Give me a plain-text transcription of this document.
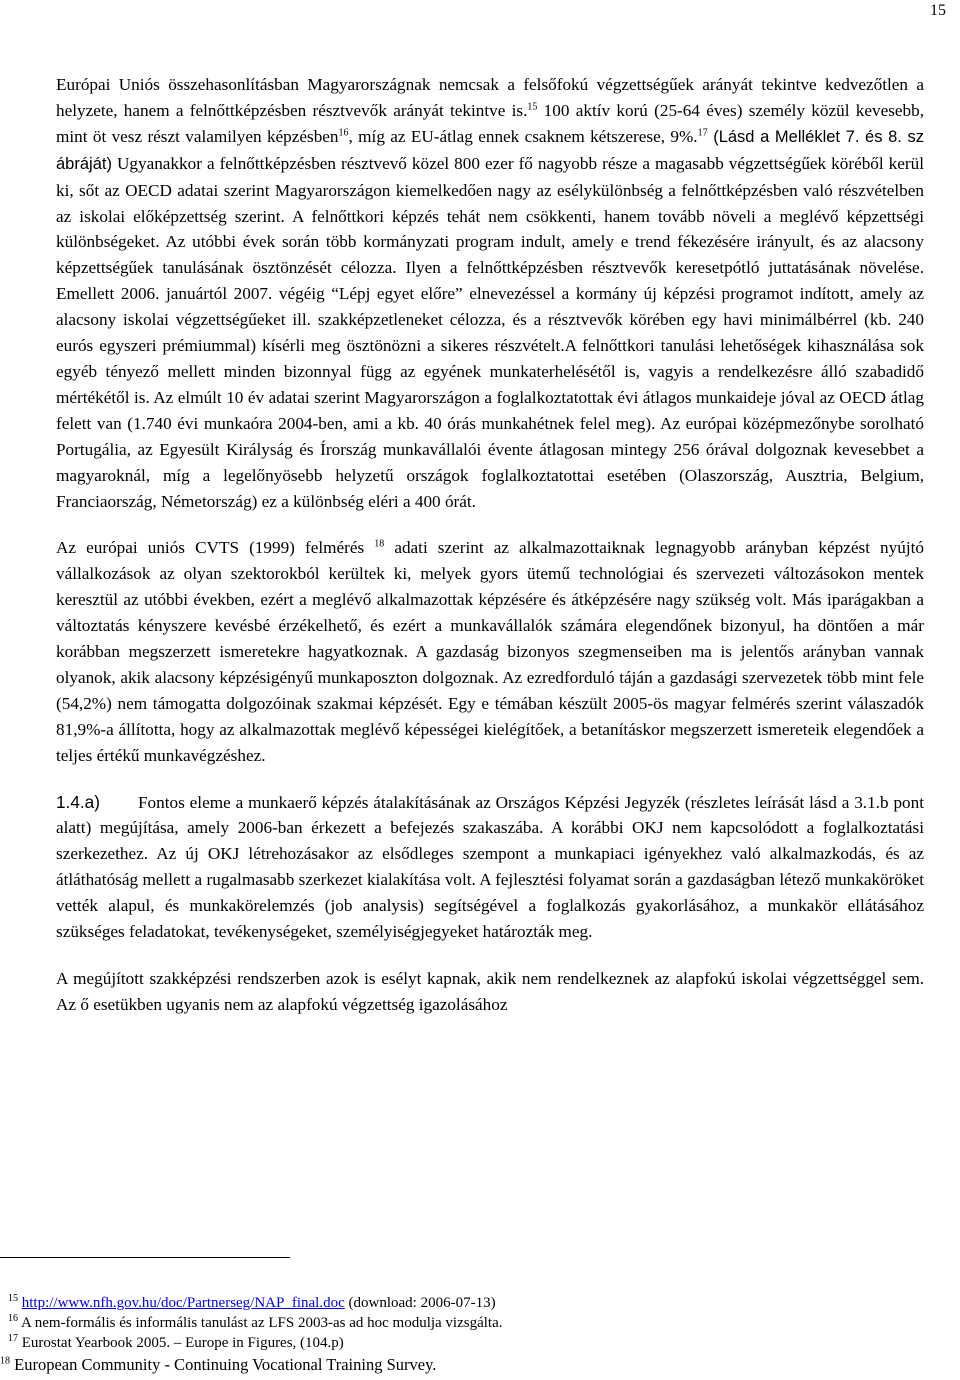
15

Európai Uniós összehasonlításban Magyarországnak nemcsak a felsőfokú végzettségűek arányát tekintve kedvezőtlen a helyzete, hanem a felnőttképzésben résztvevők arányát tekintve is.$^{15}$ 100 aktív korú (25-64 éves) személy közül kevesebb, mint öt vesz részt valamilyen képzésben$^{16}$, míg az EU-átlag ennek csaknem kétszerese, 9%.$^{17}$ (Lásd a Melléklet 7. és 8. sz ábráját) Ugyanakkor a felnőttképzésben résztvevő közel 800 ezer fő nagyobb része a magasabb végzettségűek köréből kerül ki, sőt az OECD adatai szerint Magyarországon kiemelkedően nagy az esélykülönbség a felnőttképzésben való részvételben az iskolai előképzettség szerint. A felnőttkori képzés tehát nem csökkenti, hanem tovább növeli a meglévő képzettségi különbségeket. Az utóbbi évek során több kormányzati program indult, amely e trend fékezésére irányult, és az alacsony képzettségűek tanulásának ösztönzését célozza. Ilyen a felnőttképzésben résztvevők keresetpótló juttatásának növelése. Emellett 2006. januártól 2007. végéig “Lépj egyet előre” elnevezéssel a kormány új képzési programot indított, amely az alacsony iskolai végzettségűeket ill. szakképzetleneket célozza, és a résztvevők körében egy havi minimálbérrel (kb. 240 eurós egyszeri prémiummal) kísérli meg ösztönözni a sikeres részvételt.A felnőttkori tanulási lehetőségek kihasználása sok egyéb tényező mellett minden bizonnyal függ az egyének munkaterhelésétől is, vagyis a rendelkezésre álló szabadidő mértékétől is. Az elmúlt 10 év adatai szerint Magyarországon a foglalkoztatottak évi átlagos munkaideje jóval az OECD átlag felett van (1.740 évi munkaóra 2004-ben, ami a kb. 40 órás munkahétnek felel meg). Az európai középmezőnybe sorolható Portugália, az Egyesült Királyság és Írország munkavállalói évente átlagosan mintegy 256 órával dolgoznak kevesebbet a magyaroknál, míg a legelőnyösebb helyzetű országok foglalkoztatottai esetében (Olaszország, Ausztria, Belgium, Franciaország, Németország) ez a különbség eléri a 400 órát.

Az európai uniós CVTS (1999) felmérés $^{18}$ adati szerint az alkalmazottaiknak legnagyobb arányban képzést nyújtó vállalkozások az olyan szektorokból kerültek ki, melyek gyors ütemű technológiai és szervezeti változásokon mentek keresztül az utóbbi években, ezért a meglévő alkalmazottak képzésére és átképzésére nagy szükség volt. Más iparágakban a változtatás kényszere kevésbé érzékelhető, és ezért a munkavállalók számára elegendőnek bizonyul, ha döntően a már korábban megszerzett ismeretekre hagyatkoznak. A gazdaság bizonyos szegmenseiben ma is jelentős arányban vannak olyanok, akik alacsony képzésigényű munkaposzton dolgoznak. Az ezredforduló táján a gazdasági szervezetek több mint fele (54,2%) nem támogatta dolgozóinak szakmai képzését. Egy e témában készült 2005-ös magyar felmérés szerint válaszadók 81,9%-a állította, hogy az alkalmazottak meglévő képességei kielégítőek, a betanításkor megszerzett ismereteik elegendőek a teljes értékű munkavégzéshez.

1.4.a) Fontos eleme a munkaerő képzés átalakításának az Országos Képzési Jegyzék (részletes leírását lásd a 3.1.b pont alatt) megújítása, amely 2006-ban érkezett a befejezés szakaszába. A korábbi OKJ nem kapcsolódott a foglalkoztatási szerkezethez. Az új OKJ létrehozásakor az elsődleges szempont a munkapiaci igényekhez való alkalmazkodás, és az átláthatóság mellett a rugalmasabb szerkezet kialakítása volt. A fejlesztési folyamat során a gazdaságban létező munkaköröket vették alapul, és munkakörelemzés (job analysis) segítségével a foglalkozás gyakorlásához, a munkakör ellátásához szükséges feladatokat, tevékenységeket, személyiségjegyeket határozták meg.

A megújított szakképzési rendszerben azok is esélyt kapnak, akik nem rendelkeznek az alapfokú iskolai végzettséggel sem. Az ő esetükben ugyanis nem az alapfokú végzettség igazolásához

$^{15}$ http://www.nfh.gov.hu/doc/Partnerseg/NAP_final.doc (download: 2006-07-13)

$^{16}$ A nem-formális és informális tanulást az LFS 2003-as ad hoc modulja vizsgálta.

$^{17}$ Eurostat Yearbook 2005. – Europe in Figures, (104.p)

$^{18}$ European Community - Continuing Vocational Training Survey.
